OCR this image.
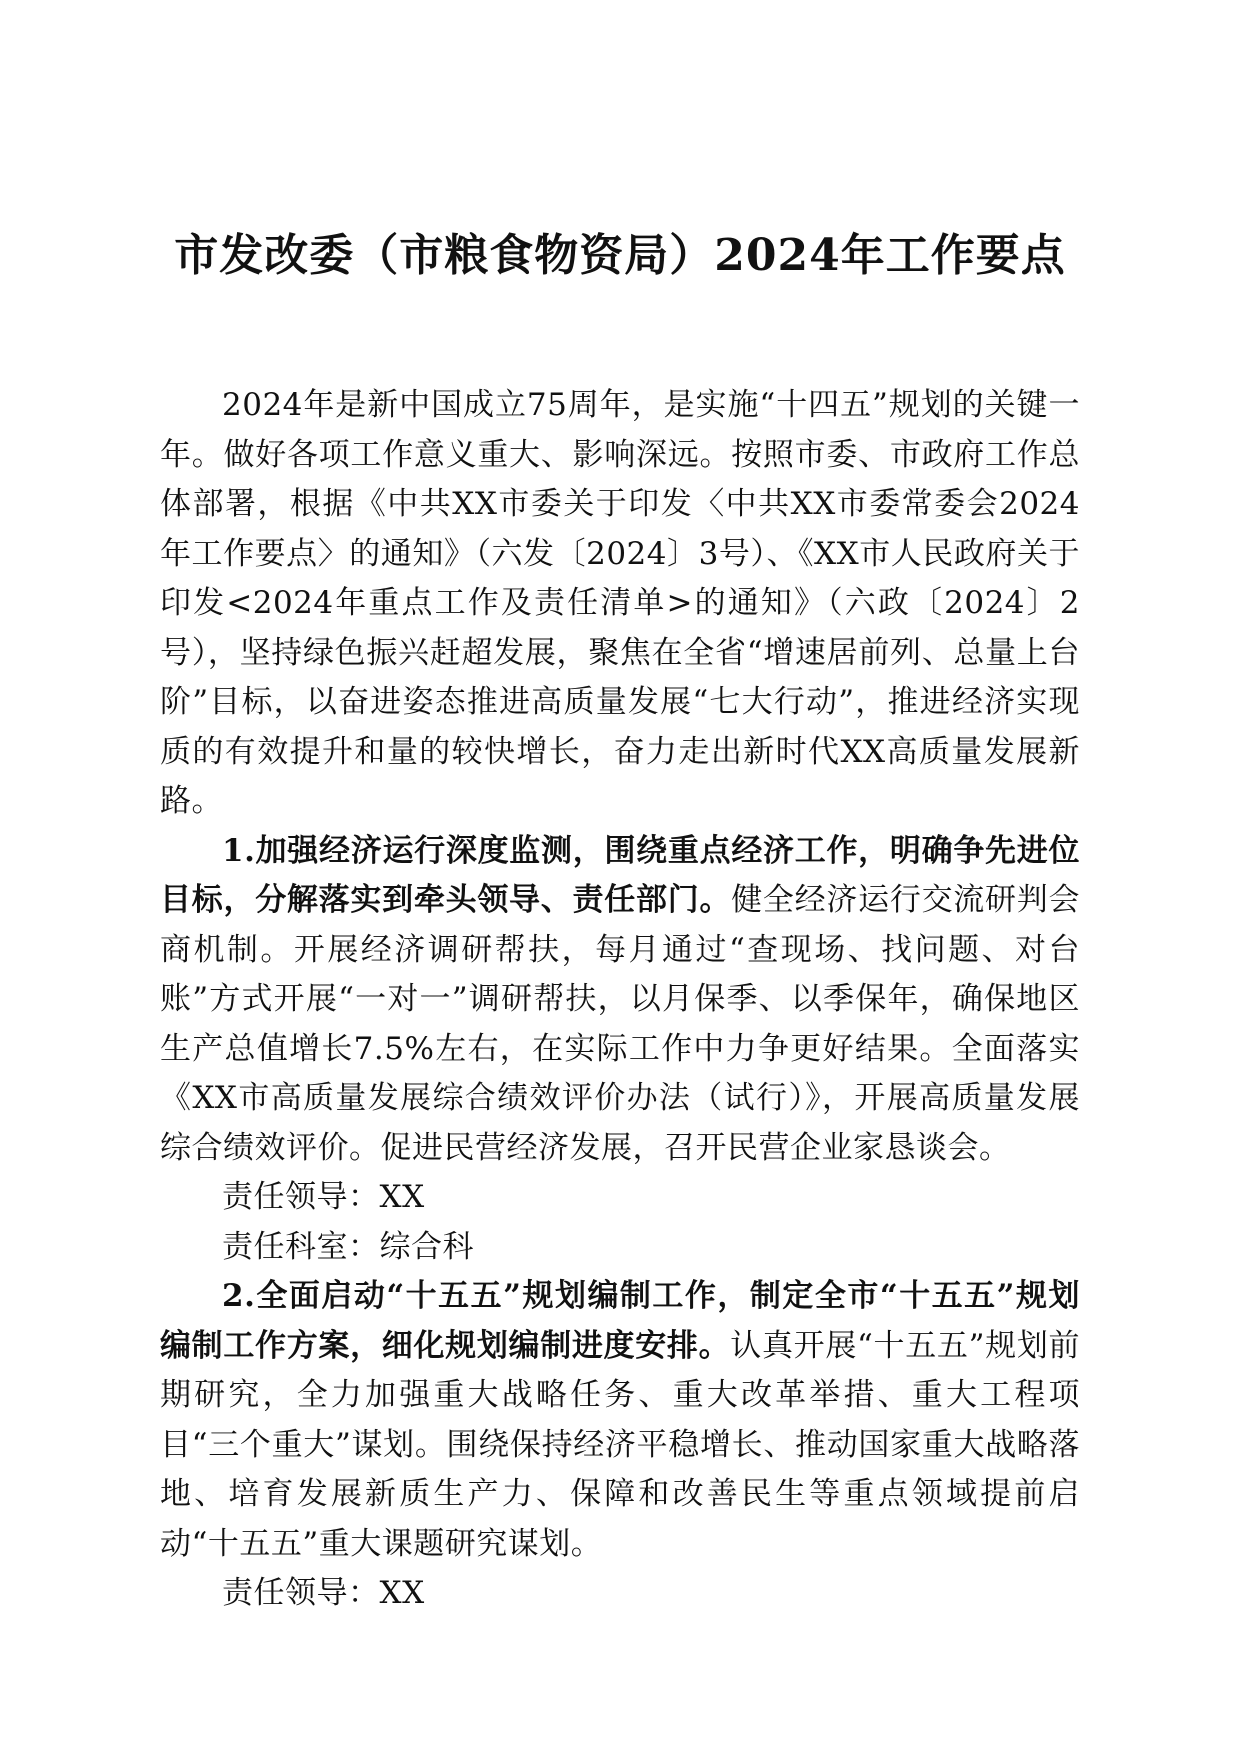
市发改委（市粮食物资局）2024年工作要点

2024年是新中国成立75周年，是实施“十四五”规划的关键一年。做好各项工作意义重大、影响深远。按照市委、市政府工作总体部署，根据《中共XX市委关于印发〈中共XX市委常委会2024年工作要点〉的通知》（六发〔2024〕3号）、《XX市人民政府关于印发<2024年重点工作及责任清单>的通知》（六政〔2024〕2号），坚持绿色振兴赶超发展，聚焦在全省“增速居前列、总量上台阶”目标，以奋进姿态推进高质量发展“七大行动”，推进经济实现质的有效提升和量的较快增长，奋力走出新时代XX高质量发展新路。

1.加强经济运行深度监测，围绕重点经济工作，明确争先进位目标，分解落实到牵头领导、责任部门。健全经济运行交流研判会商机制。开展经济调研帮扶，每月通过“查现场、找问题、对台账”方式开展“一对一”调研帮扶，以月保季、以季保年，确保地区生产总值增长7.5%左右，在实际工作中力争更好结果。全面落实《XX市高质量发展综合绩效评价办法（试行）》，开展高质量发展综合绩效评价。促进民营经济发展，召开民营企业家恳谈会。

责任领导：XX

责任科室：综合科

2.全面启动“十五五”规划编制工作，制定全市“十五五”规划编制工作方案，细化规划编制进度安排。认真开展“十五五”规划前期研究，全力加强重大战略任务、重大改革举措、重大工程项目“三个重大”谋划。围绕保持经济平稳增长、推动国家重大战略落地、培育发展新质生产力、保障和改善民生等重点领域提前启动“十五五”重大课题研究谋划。

责任领导：XX
